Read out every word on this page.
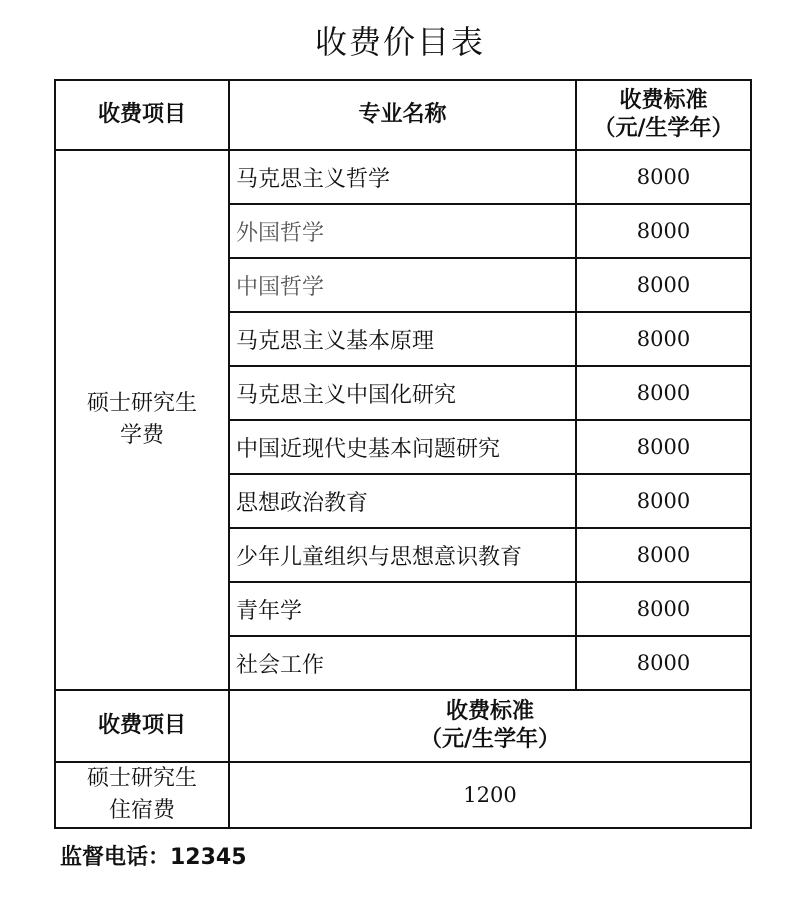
收费价目表
收费项目	专业名称	收费标准
（元/生学年）

硕士研究生
学费	马克思主义哲学	8000
	外国哲学	8000
	中国哲学	8000
	马克思主义基本原理	8000
	马克思主义中国化研究	8000
	中国近现代史基本问题研究	8000
	思想政治教育	8000
	少年儿童组织与思想意识教育	8000
	青年学	8000
	社会工作	8000
收费项目	收费标准
（元/生学年）	

硕士研究生
住宿费	1200	
监督电话：12345
